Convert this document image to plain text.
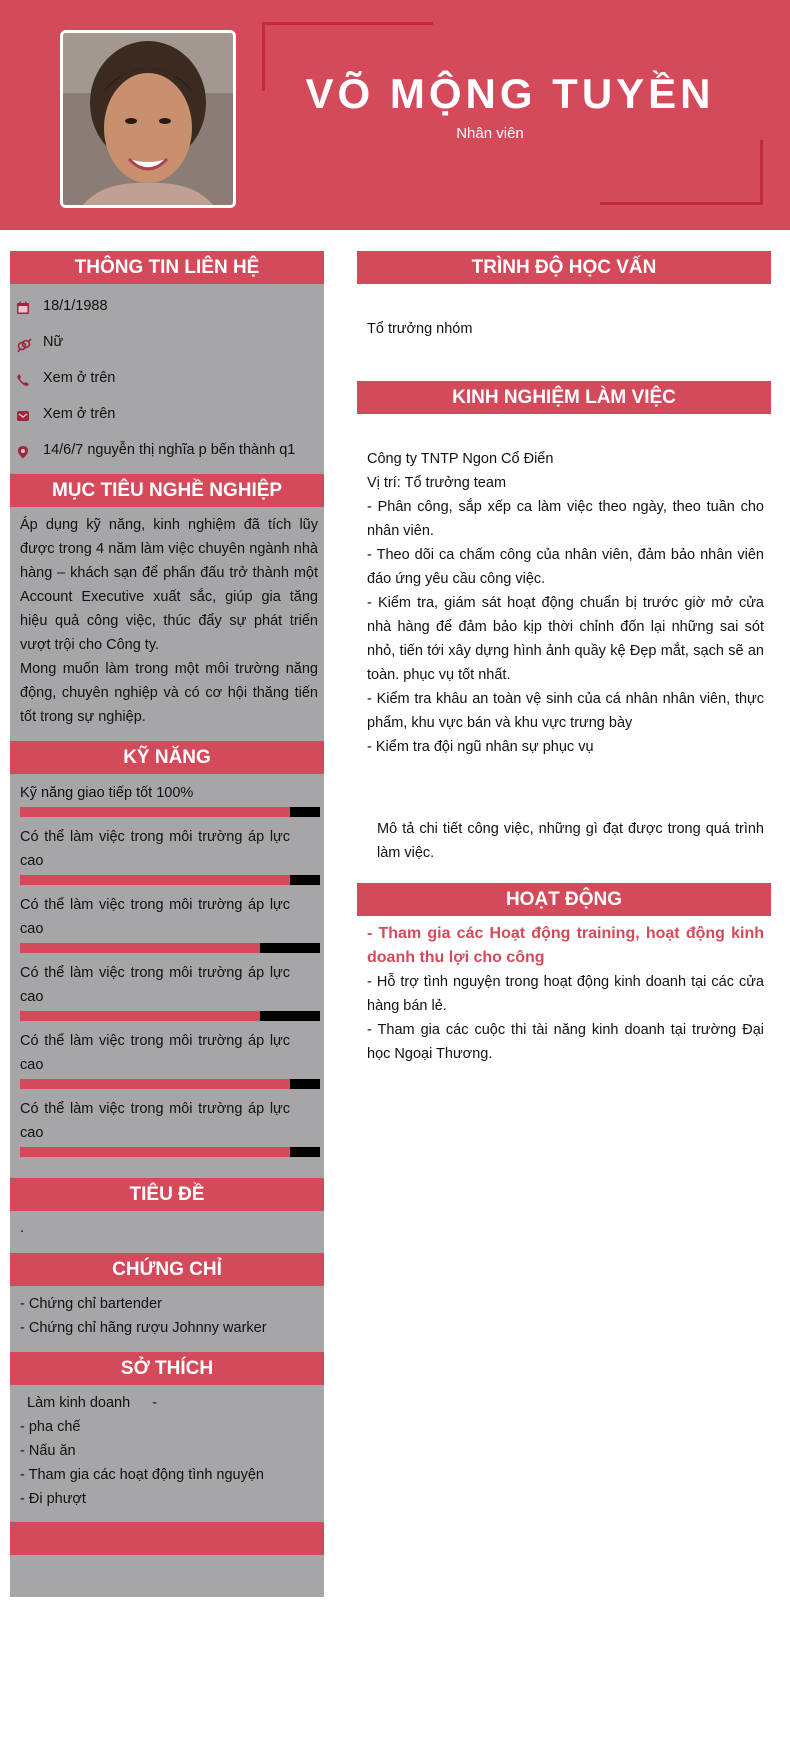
VÕ MỘNG TUYỀN
Nhân viên
THÔNG TIN LIÊN HỆ
18/1/1988
Nữ
Xem ở trên
Xem ở trên
14/6/7 nguyễn thị nghĩa p bến thành q1
MỤC TIÊU NGHỀ NGHIỆP
Áp dụng kỹ năng, kinh nghiệm đã tích lũy được trong 4 năm làm việc chuyên ngành nhà hàng – khách sạn để phấn đấu trở thành một Account Executive xuất sắc, giúp gia tăng hiệu quả công việc, thúc đẩy sự phát triển vượt trội cho Công ty.
Mong muốn làm trong một môi trường năng động, chuyên nghiệp và có cơ hội thăng tiến tốt trong sự nghiệp.
KỸ NĂNG
Kỹ năng giao tiếp tốt 100%
Có thể làm việc trong môi trường áp lực cao
Có thể làm việc trong môi trường áp lực cao
Có thể làm việc trong môi trường áp lực cao
Có thể làm việc trong môi trường áp lực cao
Có thể làm việc trong môi trường áp lực cao
TIÊU ĐỀ
.
CHỨNG CHỈ
- Chứng chỉ bartender
- Chứng chỉ hãng rượu Johnny warker
SỞ THÍCH
Làm kinh doanh -
- pha chế
- Nấu ăn
- Tham gia các hoạt động tình nguyện
- Đi phượt
TRÌNH ĐỘ HỌC VẤN
Tổ trưởng nhóm
KINH NGHIỆM LÀM VIỆC
Công ty TNTP Ngon Cổ Điển
Vị trí: Tổ trưởng team
- Phân công, sắp xếp ca làm việc theo ngày, theo tuần cho nhân viên.
- Theo dõi ca chấm công của nhân viên, đảm bảo nhân viên đáo ứng yêu cầu công việc.
- Kiểm tra, giám sát hoạt động chuẩn bị trước giờ mở cửa nhà hàng để đảm bảo kịp thời chỉnh đốn lại những sai sót nhỏ, tiến tới xây dựng hình ảnh quầy kệ Đẹp mắt, sạch sẽ an toàn. phục vụ tốt nhất.
- Kiểm tra khâu an toàn vệ sinh của cá nhân nhân viên, thực phẩm, khu vực bán và khu vực trưng bày
- Kiểm tra đội ngũ nhân sự phục vụ
Mô tả chi tiết công việc, những gì đạt được trong quá trình làm việc.
HOẠT ĐỘNG
- Tham gia các Hoạt động training, hoạt động kinh doanh thu lợi cho công
- Hỗ trợ tình nguyện trong hoạt động kinh doanh tại các cửa hàng bán lẻ.
- Tham gia các cuộc thi tài năng kinh doanh tại trường Đại học Ngoại Thương.
